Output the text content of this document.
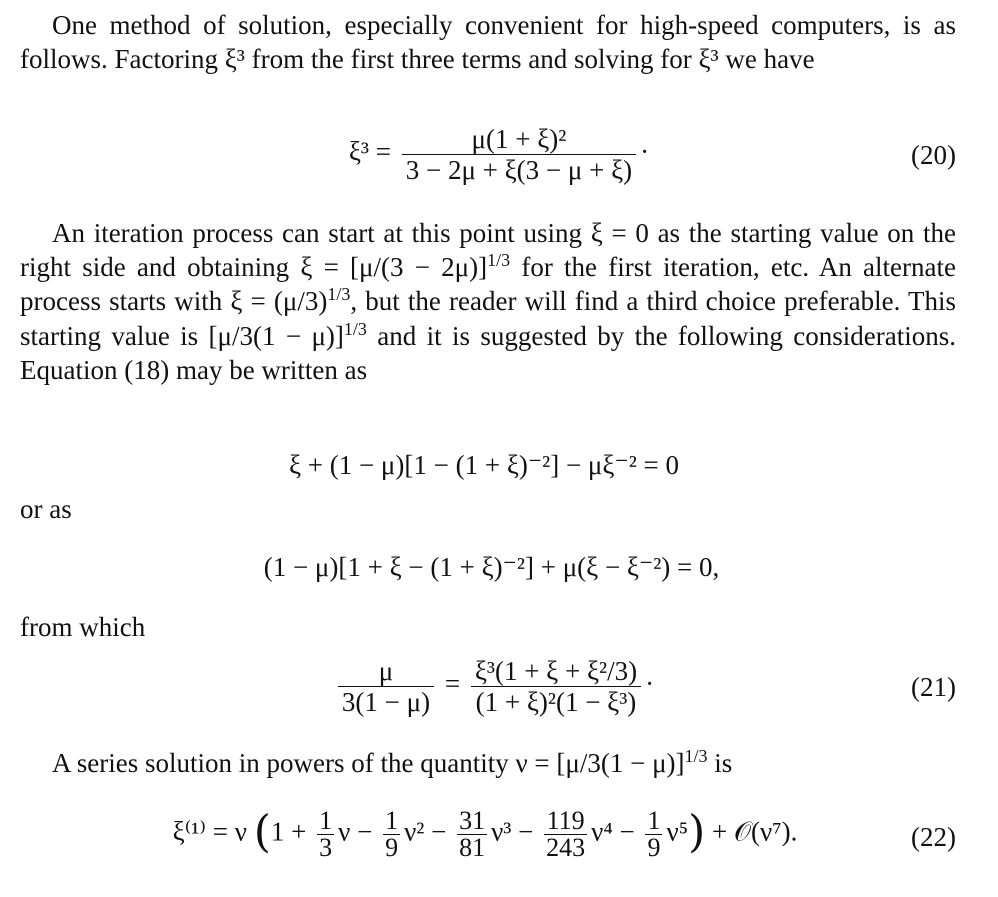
One method of solution, especially convenient for high-speed computers, is as follows. Factoring ξ³ from the first three terms and solving for ξ³ we have
$\xi^3 = \frac{\text{μ(1 + ξ)²}}{3 - 2\mu + \xi(3 - \mu + \xi)}$ ·	(20)
An iteration process can start at this point using ξ = 0 as the starting value on the right side and obtaining $\xi = [\mu/(3 - 2\mu)]^{1/3}$ for the first iteration, etc. An alternate process starts with $\xi = (\mu/3)^{1/3}$, but the reader will find a third choice preferable. This starting value is $[\mu/3(1 - \mu)]^{1/3}$ and it is suggested by the following considerations. Equation (18) may be written as
ξ + (1 − μ)[1 − (1 + ξ)⁻²] − μξ⁻² = 0
or as
(1 − μ)[1 + ξ − (1 + ξ)⁻²] + μ(ξ − ξ⁻²) = 0,
from which
$\frac{\mu}{3(1 - \mu)} = \frac{\text{ξ³(1 + ξ + ξ²/3)}}{\text{(1 + ξ)²(1 − ξ³)}}$ ·	(21)
A series solution in powers of the quantity $\nu = [\mu/3(1 - \mu)]^{1/3}$ is
ξ⁽¹⁾ = ν ($1 + \frac{1}{3}$ $\nu - \frac{1}{9} \nu^2 - \frac{31}{81} \nu^3 - \frac{119}{243} \nu^4 - \frac{1}{9} \nu^5$) + 𝒪(ν⁷).	(22)
